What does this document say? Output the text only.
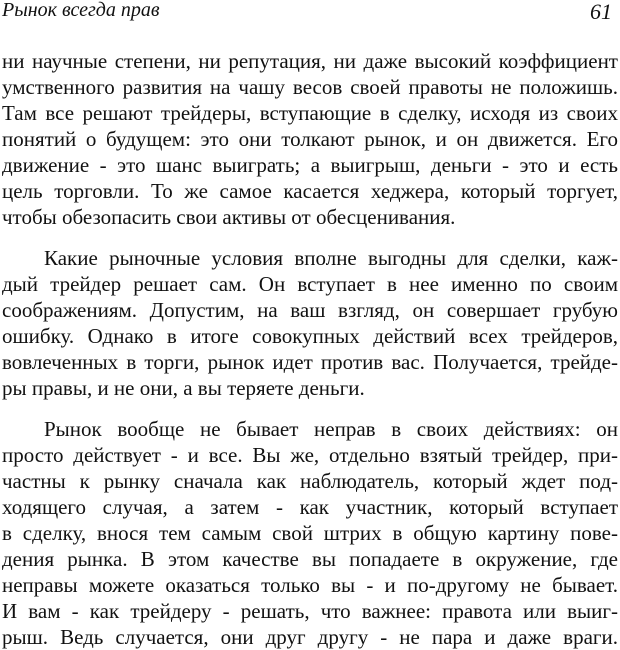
Рынок всегда прав	61
ни научные степени, ни репутация, ни даже высокий коэффициент
умственного развития на чашу весов своей правоты не положишь.
Там все решают трейдеры, вступающие в сделку, исходя из своих
понятий о будущем: это они толкают рынок, и он движется. Его
движение - это шанс выиграть; а выигрыш, деньги - это и есть
цель торговли. То же самое касается хеджера, который торгует,
чтобы обезопасить свои активы от обесценивания.
Какие рыночные условия вполне выгодны для сделки, каж-
дый трейдер решает сам. Он вступает в нее именно по своим
соображениям. Допустим, на ваш взгляд, он совершает грубую
ошибку. Однако в итоге совокупных действий всех трейдеров,
вовлеченных в торги, рынок идет против вас. Получается, трейде-
ры правы, и не они, а вы теряете деньги.
Рынок вообще не бывает неправ в своих действиях: он
просто действует - и все. Вы же, отдельно взятый трейдер, при-
частны к рынку сначала как наблюдатель, который ждет под-
ходящего случая, а затем - как участник, который вступает
в сделку, внося тем самым свой штрих в общую картину пове-
дения рынка. В этом качестве вы попадаете в окружение, где
неправы можете оказаться только вы - и по-другому не бывает.
И вам - как трейдеру - решать, что важнее: правота или выиг-
рыш. Ведь случается, они друг другу - не пара и даже враги.
